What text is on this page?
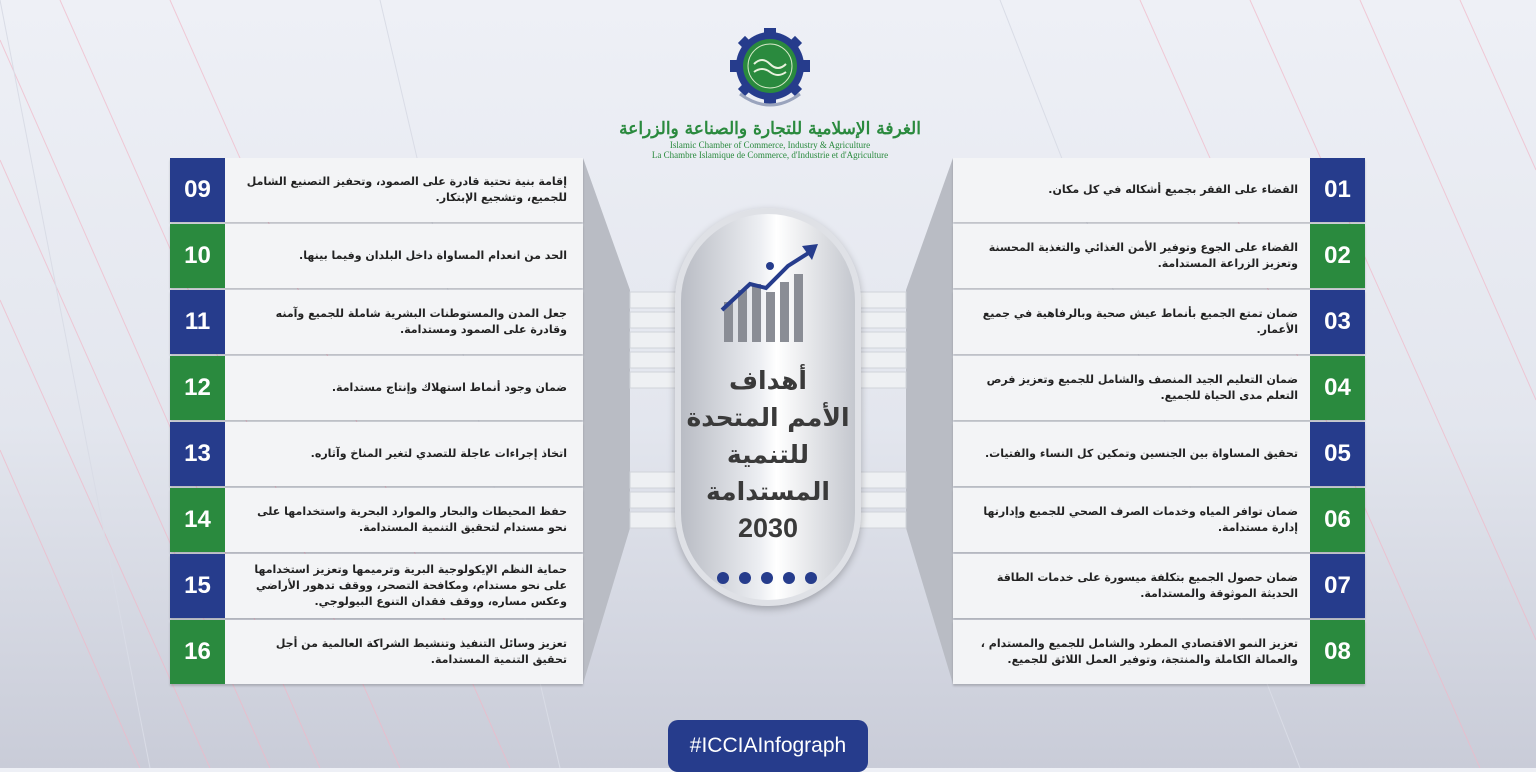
الغرفة الإسلامية للتجارة والصناعة والزراعة
Islamic Chamber of Commerce, Industry & Agriculture
La Chambre Islamique de Commerce, d'Industrie et d'Agriculture
أهداف
الأمم المتحدة
للتنمية
المستدامة
2030
01
القضاء على الفقر بجميع أشكاله في كل مكان.
02
القضاء على الجوع وتوفير الأمن الغذائي والتغذية المحسنة وتعزيز الزراعة المستدامة.
03
ضمان تمتع الجميع بأنماط عيش صحية وبالرفاهية في جميع الأعمار.
04
ضمان التعليم الجيد المنصف والشامل للجميع وتعزيز فرص التعلم مدى الحياة للجميع.
05
تحقيق المساواة بين الجنسين وتمكين كل النساء والفتيات.
06
ضمان توافر المياه وخدمات الصرف الصحي للجميع وإدارتها إدارة مستدامة.
07
ضمان حصول الجميع بتكلفة ميسورة على خدمات الطاقة الحديثة الموثوقة والمستدامة.
08
تعزيز النمو الاقتصادي المطرد والشامل للجميع والمستدام ، والعمالة الكاملة والمنتجة، وتوفير العمل اللائق للجميع.
09	إقامة بنية تحتية قادرة على الصمود، وتحفيز التصنيع الشامل للجميع، وتشجيع الإبتكار.
10	الحد من انعدام المساواة داخل البلدان وفيما بينها.
11	جعل المدن والمستوطنات البشرية شاملة للجميع وآمنه وقادرة على الصمود ومستدامة.
12	ضمان وجود أنماط استهلاك وإنتاج مستدامة.
13	اتخاذ إجراءات عاجلة للتصدي لتغير المناخ وآثاره.
14	حفظ المحيطات والبحار والموارد البحرية واستخدامها على نحو مستدام لتحقيق التنمية المستدامة.
15
حماية النظم الإيكولوجية البرية وترميمها وتعزيز استخدامها على نحو مستدام، ومكافحة التصحر، ووقف تدهور الأراضي وعكس مساره، ووقف فقدان التنوع البيولوجي.
16	تعزيز وسائل التنفيذ وتنشيط الشراكة العالمية من أجل تحقيق التنمية المستدامة.
#ICCIAInfograph
